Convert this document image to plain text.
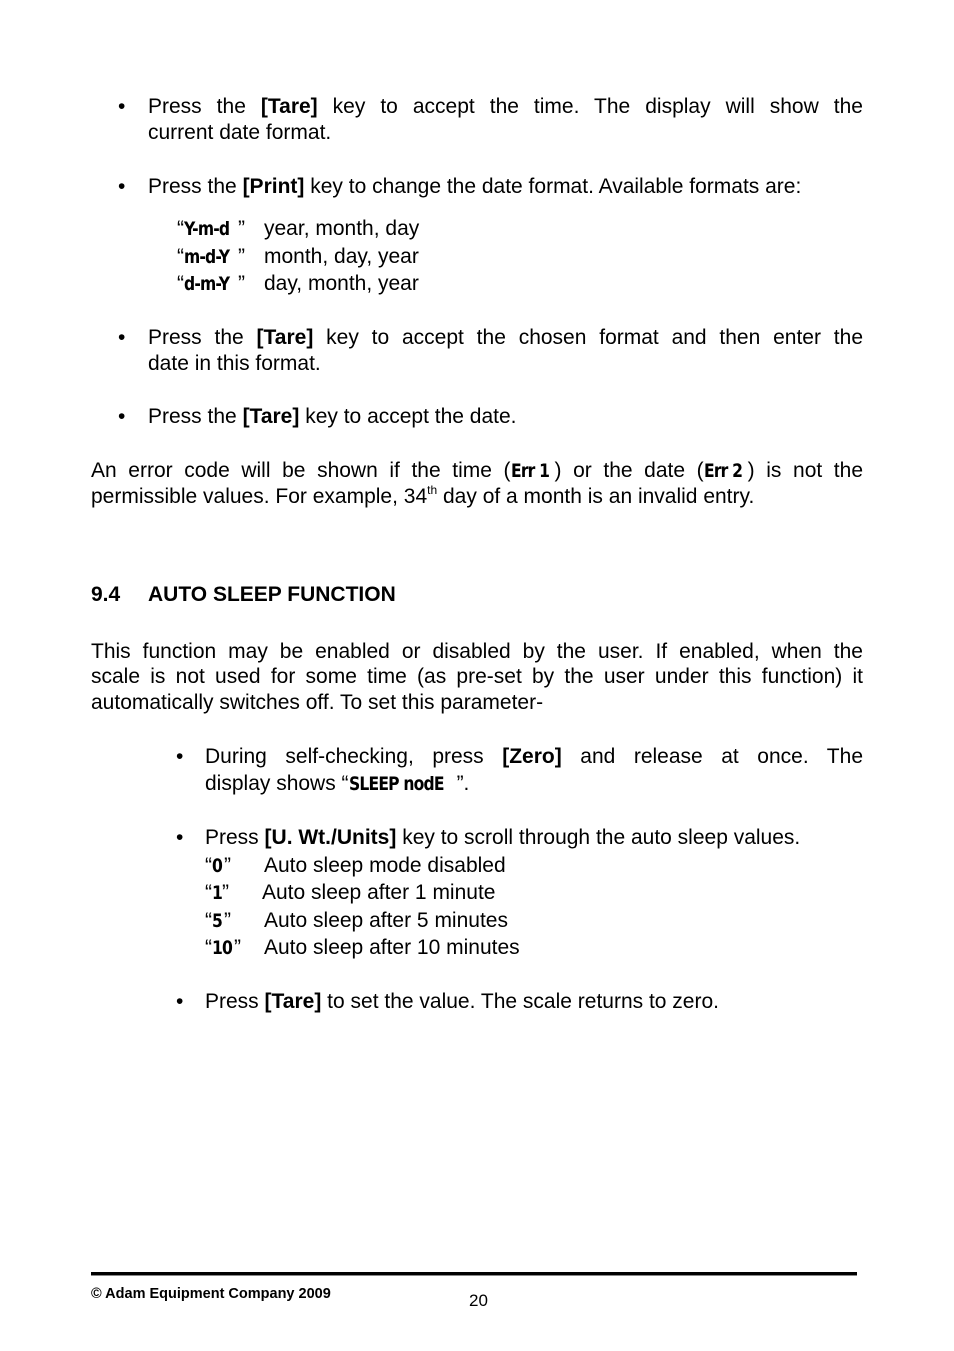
• Press the [Tare] key to accept the time. The display will show the
current date format.
• Press the [Print] key to change the date format. Available formats are:
“Y-m-d ” year, month, day
“m-d-Y ” month, day, year
“d-m-Y ” day, month, year
• Press the [Tare] key to accept the chosen format and then enter the
date in this format.
• Press the [Tare] key to accept the date.
An error code will be shown if the time (Err 1 ) or the date (Err 2 ) is not the
permissible values. For example, 34th day of a month is an invalid entry.
9.4 AUTO SLEEP FUNCTION
This function may be enabled or disabled by the user. If enabled, when the
scale is not used for some time (as pre-set by the user under this function) it
automatically switches off. To set this parameter-
• During self-checking, press [Zero] and release at once. The
display shows “SLEEP nodE ”.
• Press [U. Wt./Units] key to scroll through the auto sleep values.
“0” Auto sleep mode disabled
“1” Auto sleep after 1 minute
“5” Auto sleep after 5 minutes
“10” Auto sleep after 10 minutes
• Press [Tare] to set the value. The scale returns to zero.
© Adam Equipment Company 2009	20
